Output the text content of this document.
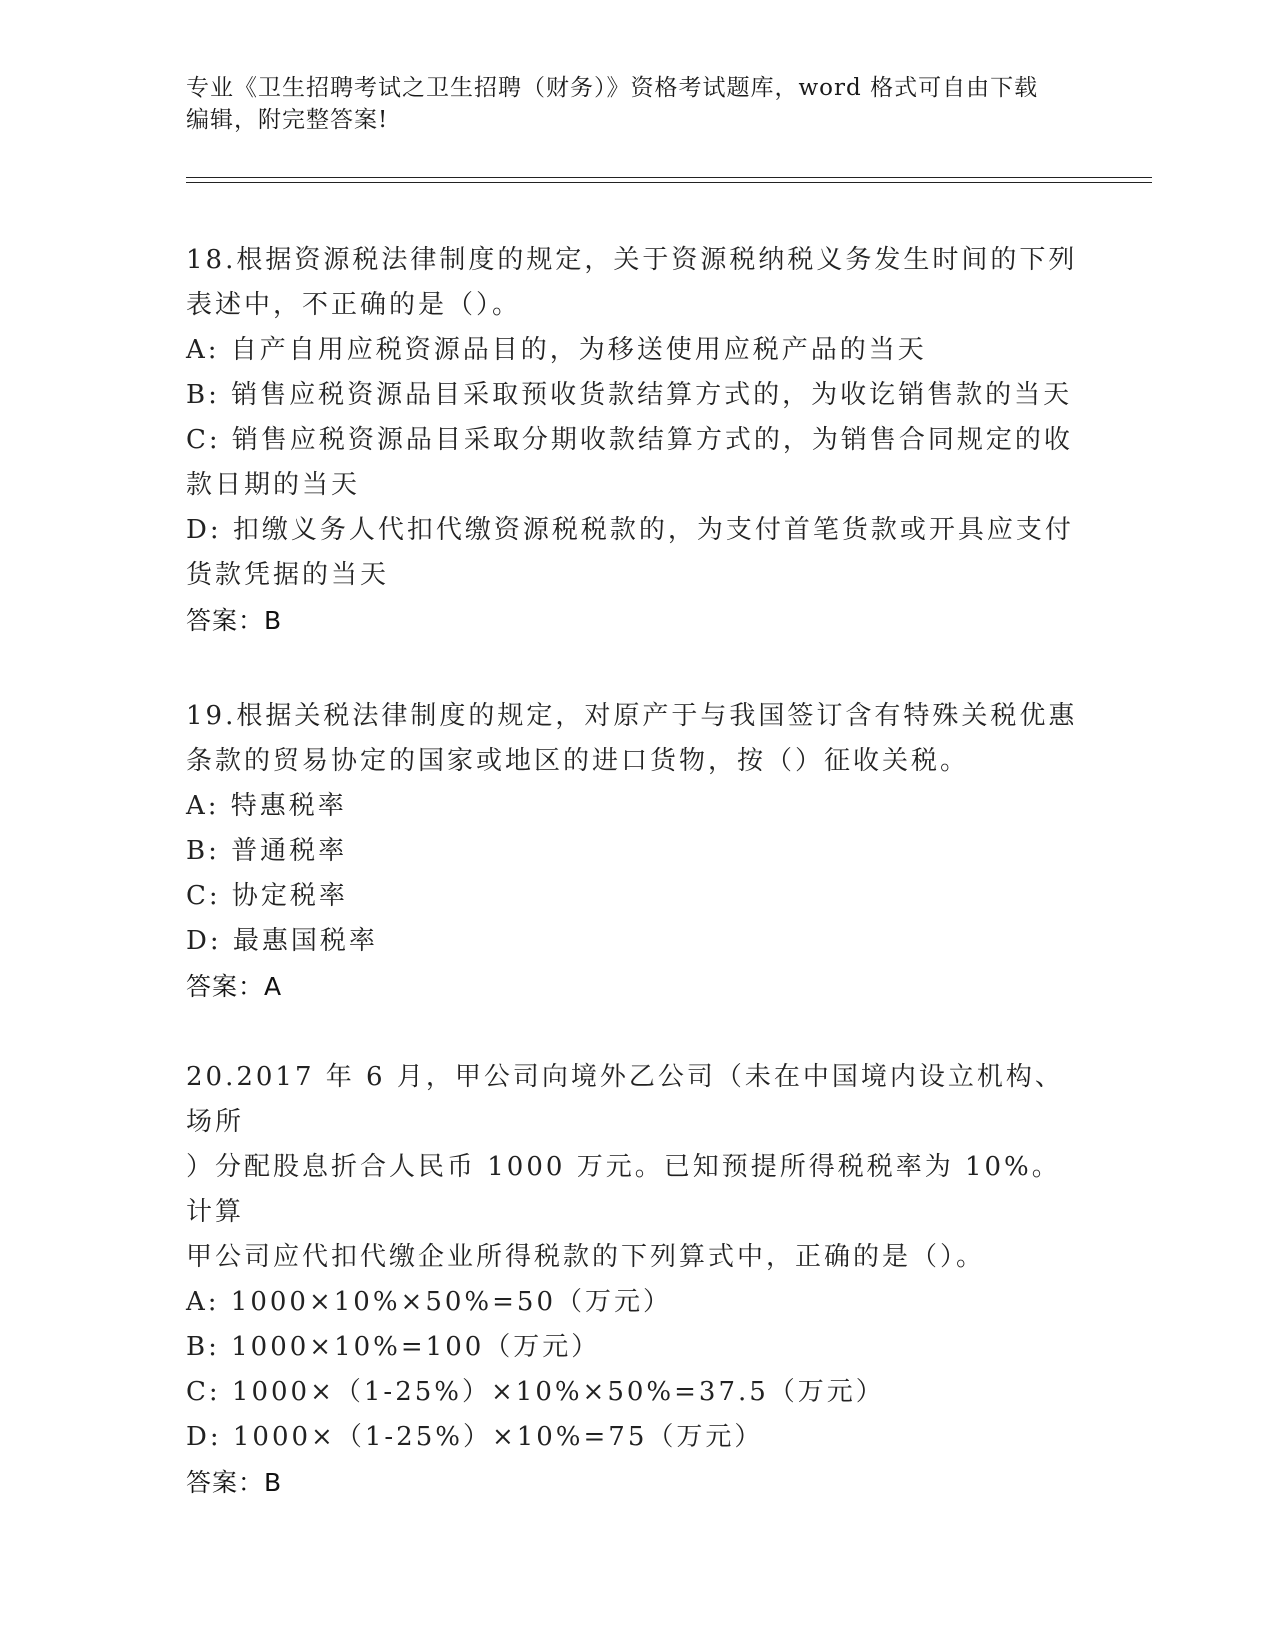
专业《卫生招聘考试之卫生招聘（财务）》资格考试题库，word 格式可自由下载
编辑，附完整答案!

18.根据资源税法律制度的规定，关于资源税纳税义务发生时间的下列

表述中，不正确的是（）。

A: 自产自用应税资源品目的，为移送使用应税产品的当天

B: 销售应税资源品目采取预收货款结算方式的，为收讫销售款的当天

C: 销售应税资源品目采取分期收款结算方式的，为销售合同规定的收

款日期的当天

D: 扣缴义务人代扣代缴资源税税款的，为支付首笔货款或开具应支付

货款凭据的当天

答案：B

19.根据关税法律制度的规定，对原产于与我国签订含有特殊关税优惠

条款的贸易协定的国家或地区的进口货物，按（）征收关税。

A: 特惠税率

B: 普通税率

C: 协定税率

D: 最惠国税率

答案：A

20.2017 年 6 月，甲公司向境外乙公司（未在中国境内设立机构、场所

）分配股息折合人民币 1000 万元。已知预提所得税税率为 10%。计算

甲公司应代扣代缴企业所得税款的下列算式中，正确的是（）。

A: 1000×10%×50%=50（万元）

B: 1000×10%=100（万元）

C: 1000×（1-25%）×10%×50%=37.5（万元）

D: 1000×（1-25%）×10%=75（万元）

答案：B
